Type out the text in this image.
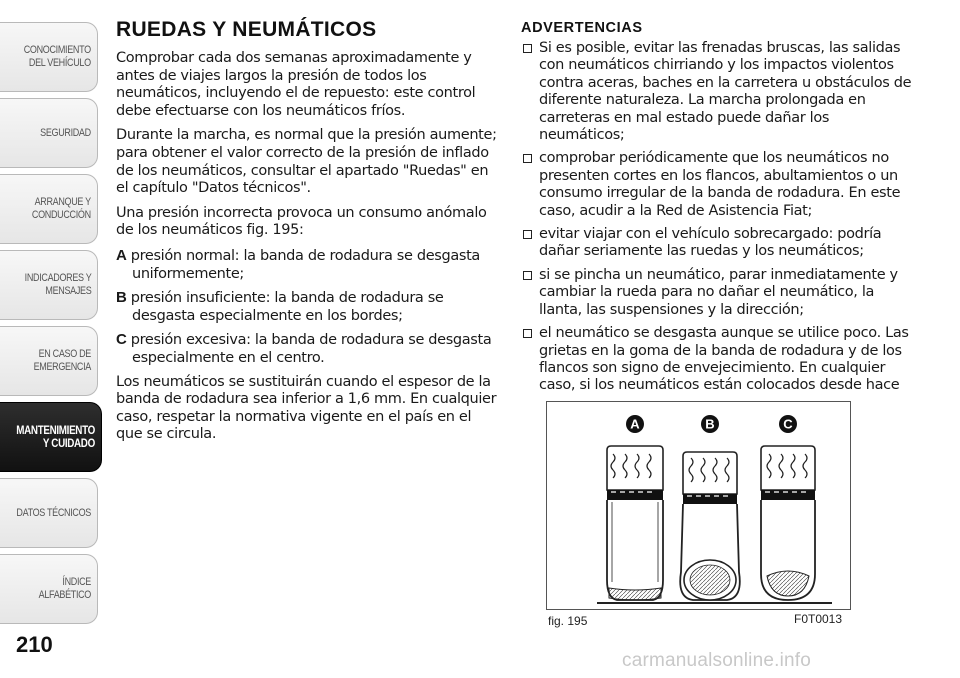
CONOCIMIENTO
DEL VEHÍCULO
SEGURIDAD
ARRANQUE Y
CONDUCCIÓN
INDICADORES Y
MENSAJES
EN CASO DE
EMERGENCIA
MANTENIMIENTO
Y CUIDADO
DATOS TÉCNICOS
ÍNDICE ALFABÉTICO
210
RUEDAS Y NEUMÁTICOS

Comprobar cada dos semanas aproximadamente y antes de viajes largos la presión de todos los neumáticos, incluyendo el de repuesto: este control debe efectuarse con los neumáticos fríos.

Durante la marcha, es normal que la presión aumente; para obtener el valor correcto de la presión de inflado de los neumáticos, consultar el apartado "Ruedas" en el capítulo "Datos técnicos".

Una presión incorrecta provoca un consumo anómalo de los neumáticos fig. 195:

A presión normal: la banda de rodadura se desgasta uniformemente;

B presión insuficiente: la banda de rodadura se desgasta especialmente en los bordes;

C presión excesiva: la banda de rodadura se desgasta especialmente en el centro.

Los neumáticos se sustituirán cuando el espesor de la banda de rodadura sea inferior a 1,6 mm. En cualquier caso, respetar la normativa vigente en el país en el que se circula.

ADVERTENCIAS
Si es posible, evitar las frenadas bruscas, las salidas con neumáticos chirriando y los impactos violentos contra aceras, baches en la carretera u obstáculos de diferente naturaleza. La marcha prolongada en carreteras en mal estado puede dañar los neumáticos;
comprobar periódicamente que los neumáticos no presenten cortes en los flancos, abultamientos o un consumo irregular de la banda de rodadura. En este caso, acudir a la Red de Asistencia Fiat;
evitar viajar con el vehículo sobrecargado: podría dañar seriamente las ruedas y los neumáticos;
si se pincha un neumático, parar inmediatamente y cambiar la rueda para no dañar el neumático, la llanta, las suspensiones y la dirección;
el neumático se desgasta aunque se utilice poco. Las grietas en la goma de la banda de rodadura y de los flancos son signo de envejecimiento. En cualquier caso, si los neumáticos están colocados desde hace
A	B	C
fig. 195	F0T0013
carmanualsonline.info
